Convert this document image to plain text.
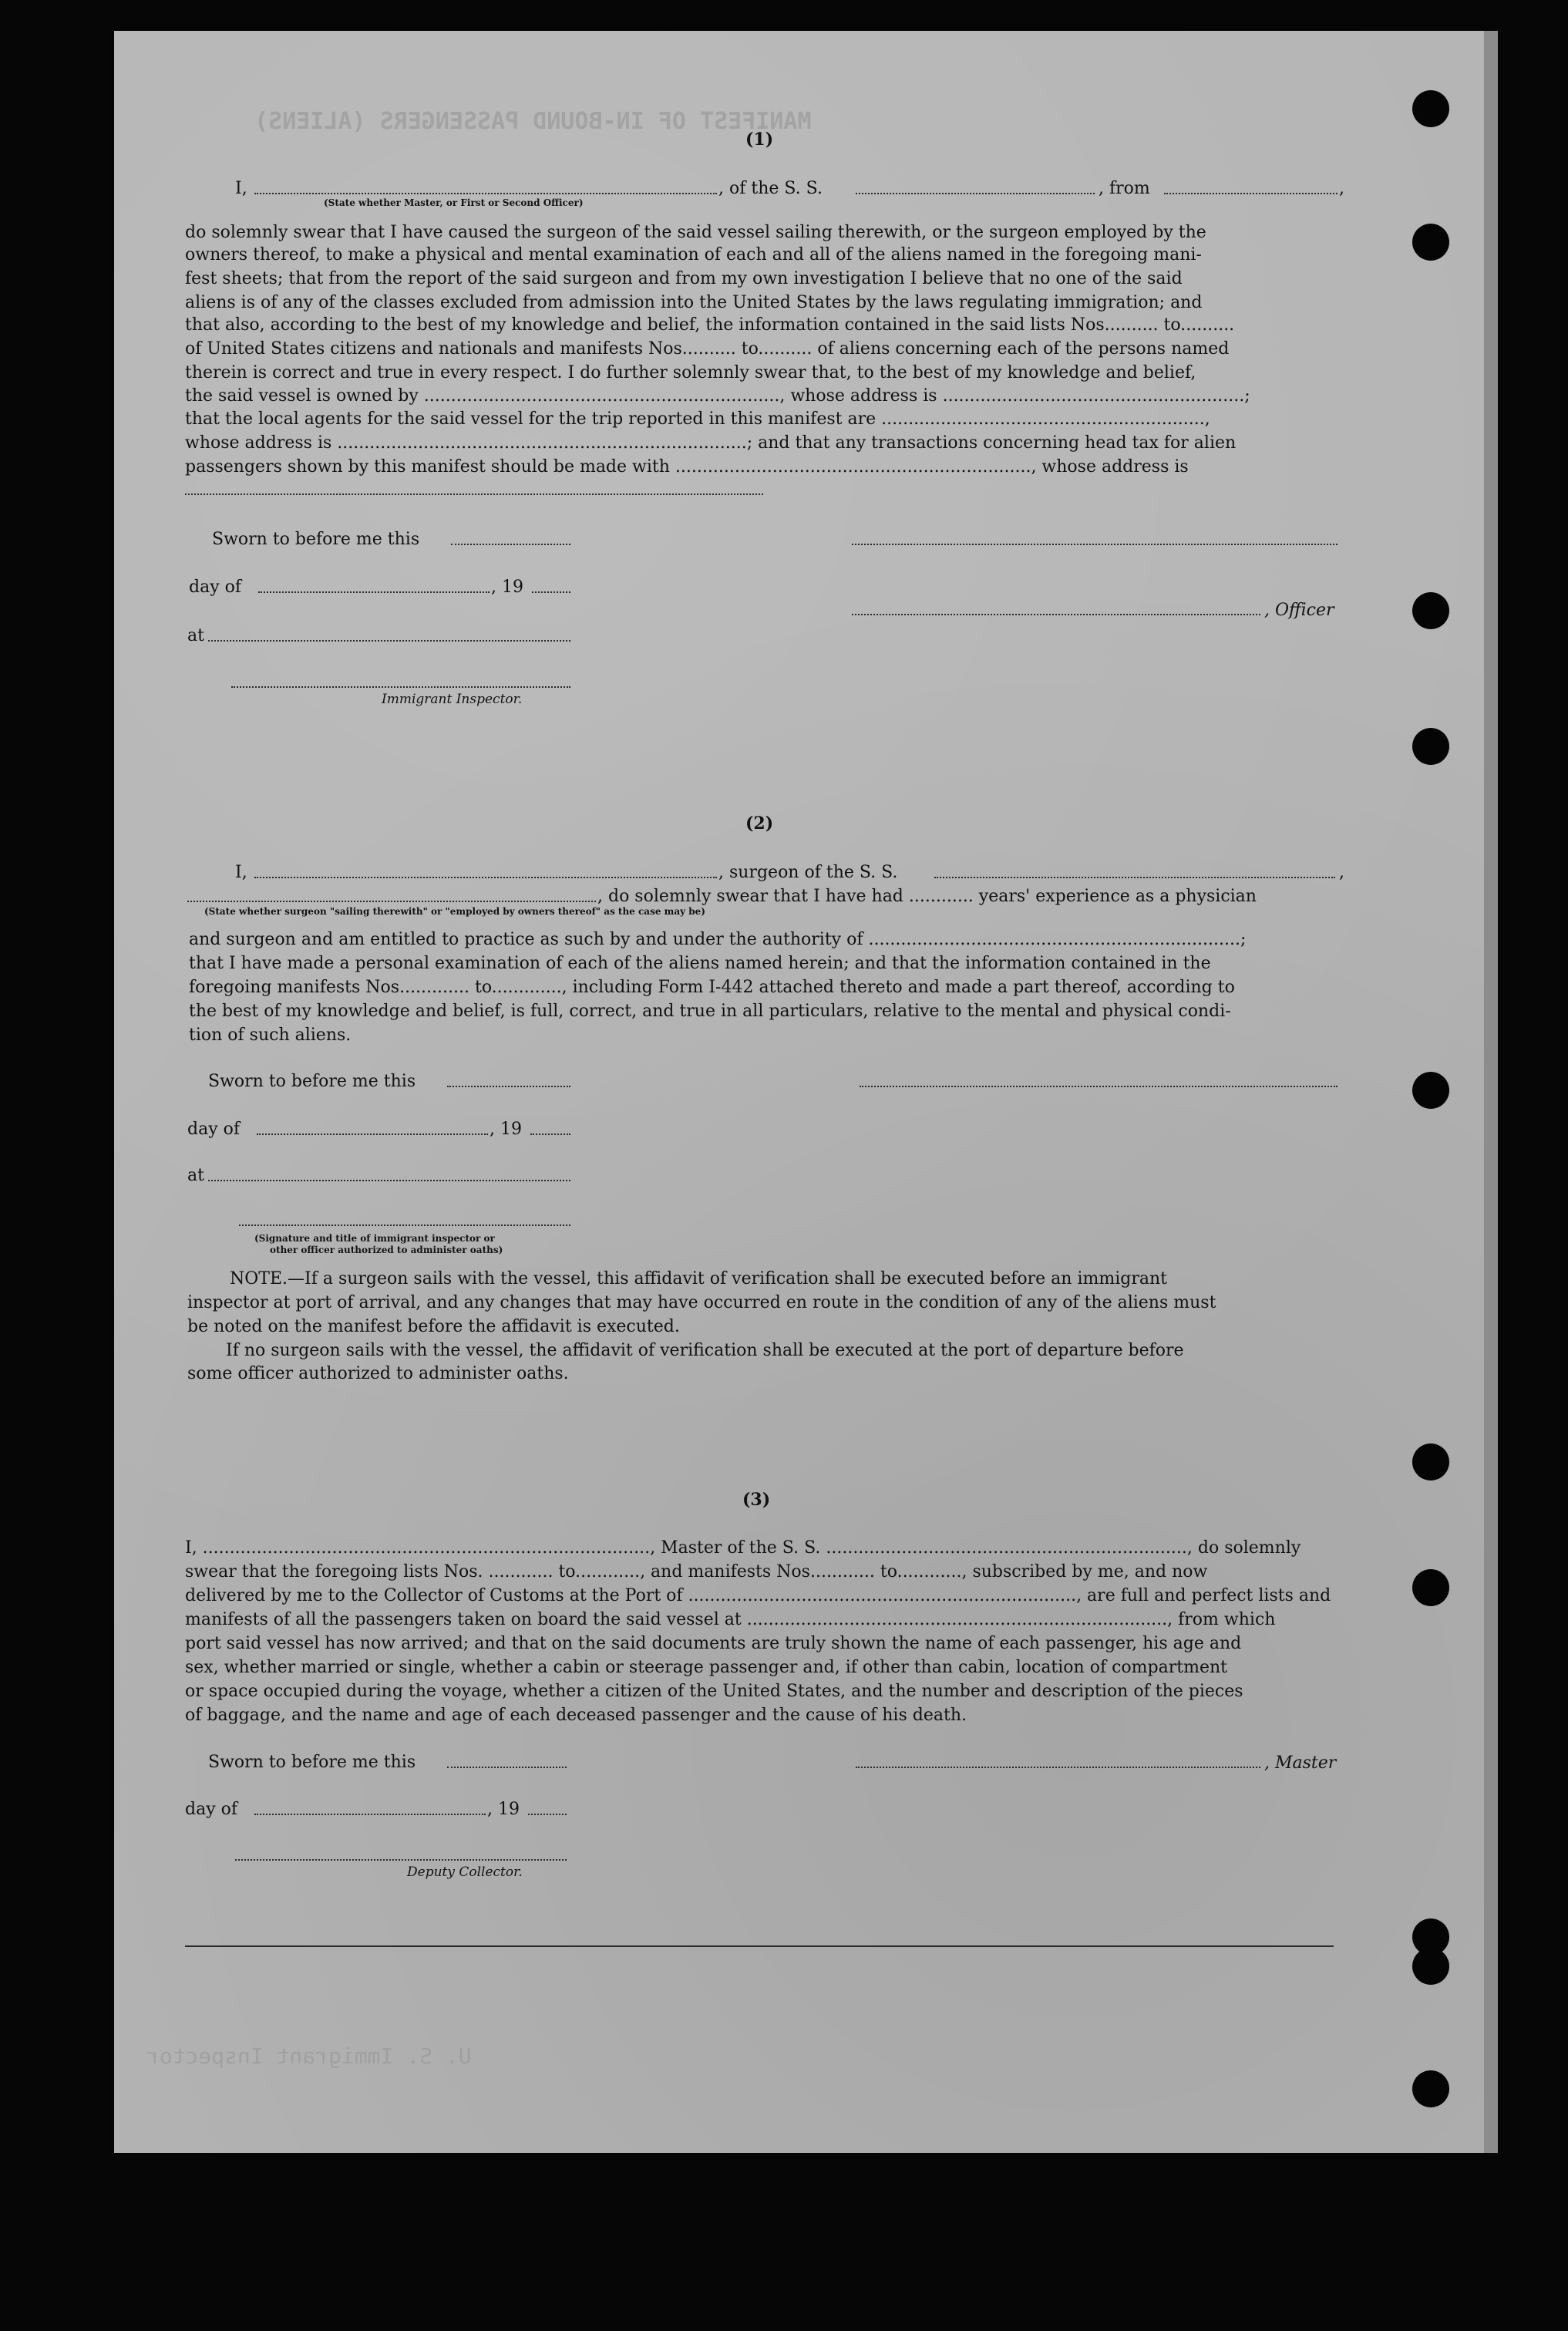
MANIFEST OF IN-BOUND PASSENGERS (ALIENS)
U. S. Immigrant Inspector
(1)
I,	, of the S. S.	, from	,
(State whether Master, or First or Second Officer)
do solemnly swear that I have caused the surgeon of the said vessel sailing therewith, or the surgeon employed by the
owners thereof, to make a physical and mental examination of each and all of the aliens named in the foregoing mani-
fest sheets; that from the report of the said surgeon and from my own investigation I believe that no one of the said
aliens is of any of the classes excluded from admission into the United States by the laws regulating immigration; and
that also, according to the best of my knowledge and belief, the information contained in the said lists Nos.......... to..........
of United States citizens and nationals and manifests Nos.......... to.......... of aliens concerning each of the persons named
therein is correct and true in every respect. I do further solemnly swear that, to the best of my knowledge and belief,
the said vessel is owned by .................................................................., whose address is ........................................................;
that the local agents for the said vessel for the trip reported in this manifest are ............................................................,
whose address is ............................................................................; and that any transactions concerning head tax for alien
passengers shown by this manifest should be made with .................................................................., whose address is
Sworn to before me this
day of	, 19
, Officer
at
Immigrant Inspector.
(2)
I,	, surgeon of the S. S.	,
, do solemnly swear that I have had ............ years' experience as a physician
(State whether surgeon "sailing therewith" or "employed by owners thereof" as the case may be)
and surgeon and am entitled to practice as such by and under the authority of .....................................................................;
that I have made a personal examination of each of the aliens named herein; and that the information contained in the
foregoing manifests Nos............. to............., including Form I-442 attached thereto and made a part thereof, according to
the best of my knowledge and belief, is full, correct, and true in all particulars, relative to the mental and physical condi-
tion of such aliens.
Sworn to before me this
day of	, 19
at
(Signature and title of immigrant inspector or
other officer authorized to administer oaths)
NOTE.—If a surgeon sails with the vessel, this affidavit of verification shall be executed before an immigrant
inspector at port of arrival, and any changes that may have occurred en route in the condition of any of the aliens must
be noted on the manifest before the affidavit is executed.
If no surgeon sails with the vessel, the affidavit of verification shall be executed at the port of departure before
some officer authorized to administer oaths.
(3)
I, ..................................................................................., Master of the S. S. ..................................................................., do solemnly
swear that the foregoing lists Nos. ............ to............, and manifests Nos............ to............, subscribed by me, and now
delivered by me to the Collector of Customs at the Port of ........................................................................, are full and perfect lists and
manifests of all the passengers taken on board the said vessel at .............................................................................., from which
port said vessel has now arrived; and that on the said documents are truly shown the name of each passenger, his age and
sex, whether married or single, whether a cabin or steerage passenger and, if other than cabin, location of compartment
or space occupied during the voyage, whether a citizen of the United States, and the number and description of the pieces
of baggage, and the name and age of each deceased passenger and the cause of his death.
Sworn to before me this	, Master
day of	, 19
Deputy Collector.
